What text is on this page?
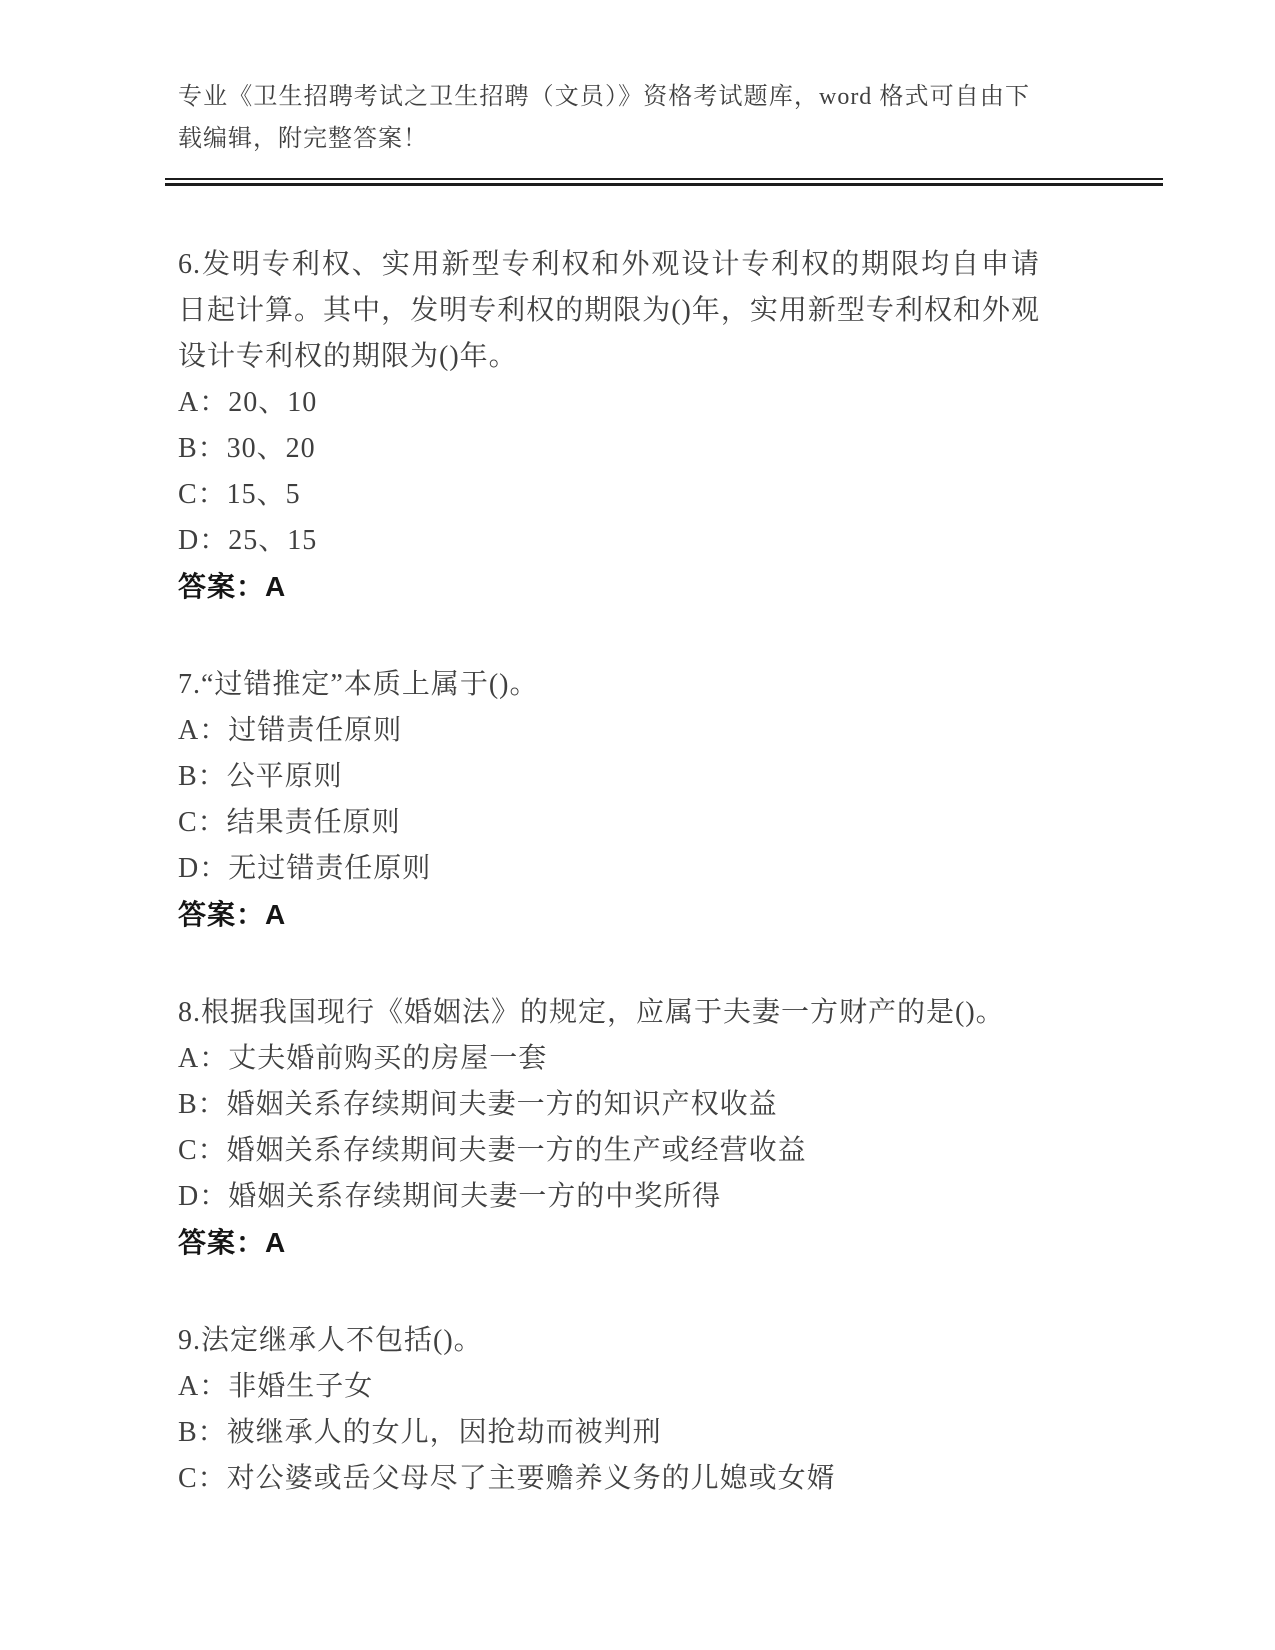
专业《卫生招聘考试之卫生招聘（文员）》资格考试题库，word 格式可自由下载编辑，附完整答案！

6.发明专利权、实用新型专利权和外观设计专利权的期限均自申请日起计算。其中，发明专利权的期限为()年，实用新型专利权和外观设计专利权的期限为()年。

A：20、10

B：30、20

C：15、5

D：25、15

答案：A

7.“过错推定”本质上属于()。

A：过错责任原则

B：公平原则

C：结果责任原则

D：无过错责任原则

答案：A

8.根据我国现行《婚姻法》的规定，应属于夫妻一方财产的是()。

A：丈夫婚前购买的房屋一套

B：婚姻关系存续期间夫妻一方的知识产权收益

C：婚姻关系存续期间夫妻一方的生产或经营收益

D：婚姻关系存续期间夫妻一方的中奖所得

答案：A

9.法定继承人不包括()。

A：非婚生子女

B：被继承人的女儿，因抢劫而被判刑

C：对公婆或岳父母尽了主要赡养义务的儿媳或女婿
